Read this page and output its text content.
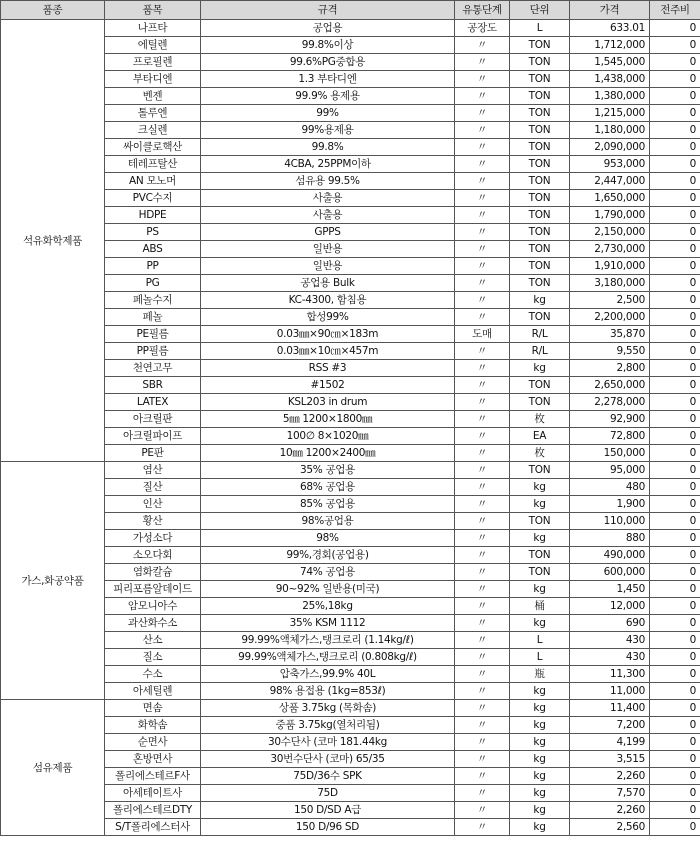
품종	품목	규격	유통단계	단위	가격	전주비
석유화학제품	나프타	공업용	공장도	L	633.01	0
	에틸렌	99.8%이상	〃	TON	1,712,000	0
	프로필렌	99.6%PG중합용	〃	TON	1,545,000	0
	부타디엔	1.3 부타디엔	〃	TON	1,438,000	0
	벤젠	99.9% 용제용	〃	TON	1,380,000	0
	톨루엔	99%	〃	TON	1,215,000	0
	크실렌	99%용제용	〃	TON	1,180,000	0
	싸이클로핵산	99.8%	〃	TON	2,090,000	0
	테레프탈산	4CBA, 25PPM이하	〃	TON	953,000	0
	AN 모노머	섬유용 99.5%	〃	TON	2,447,000	0
	PVC수지	사출용	〃	TON	1,650,000	0
	HDPE	사출용	〃	TON	1,790,000	0
	PS	GPPS	〃	TON	2,150,000	0
	ABS	일반용	〃	TON	2,730,000	0
	PP	일반용	〃	TON	1,910,000	0
	PG	공업용 Bulk	〃	TON	3,180,000	0
	페놀수지	KC-4300, 함침용	〃	kg	2,500	0
	페놀	합성99%	〃	TON	2,200,000	0
	PE필름	0.03㎜×90㎝×183m	도매	R/L	35,870	0
	PP필름	0.03㎜×10㎝×457m	〃	R/L	9,550	0
	천연고무	RSS #3	〃	kg	2,800	0
	SBR	#1502	〃	TON	2,650,000	0
	LATEX	KSL203 in drum	〃	TON	2,278,000	0
	아크릴판	5㎜ 1200×1800㎜	〃	枚	92,900	0
	아크릴파이프	100∅ 8×1020㎜	〃	EA	72,800	0
	PE판	10㎜ 1200×2400㎜	〃	枚	150,000	0
가스,화공약품	염산	35% 공업용	〃	TON	95,000	0
	질산	68% 공업용	〃	kg	480	0
	인산	85% 공업용	〃	kg	1,900	0
	황산	98%공업용	〃	TON	110,000	0
	가성소다	98%	〃	kg	880	0
	소오다회	99%,경회(공업용)	〃	TON	490,000	0
	염화칼슘	74% 공업용	〃	TON	600,000	0
	피리포름알데이드	90~92% 일반용(미국)	〃	kg	1,450	0
	암모니아수	25%,18kg	〃	桶	12,000	0
	과산화수소	35% KSM 1112	〃	kg	690	0
	산소	99.99%액체가스,탱크로리 (1.14kg/ℓ)	〃	L	430	0
	질소	99.99%액체가스,탱크로리 (0.808kg/ℓ)	〃	L	430	0
	수소	압축가스,99.9% 40L	〃	瓶	11,300	0
	아세틸렌	98% 용접용 (1kg=853ℓ)	〃	kg	11,000	0
섬유제품	면솜	상품 3.75kg (목화솜)	〃	kg	11,400	0
	화학솜	중품 3.75kg(열처리됨)	〃	kg	7,200	0
	순면사	30수단사 (코마 181.44kg	〃	kg	4,199	0
	혼방면사	30번수단사 (코마) 65/35	〃	kg	3,515	0
	폴리에스테르F사	75D/36수 SPK	〃	kg	2,260	0
	아세테이트사	75D	〃	kg	7,570	0
	폴리에스테르DTY	150 D/SD A급	〃	kg	2,260	0
	S/T폴리에스터사	150 D/96 SD	〃	kg	2,560	0
